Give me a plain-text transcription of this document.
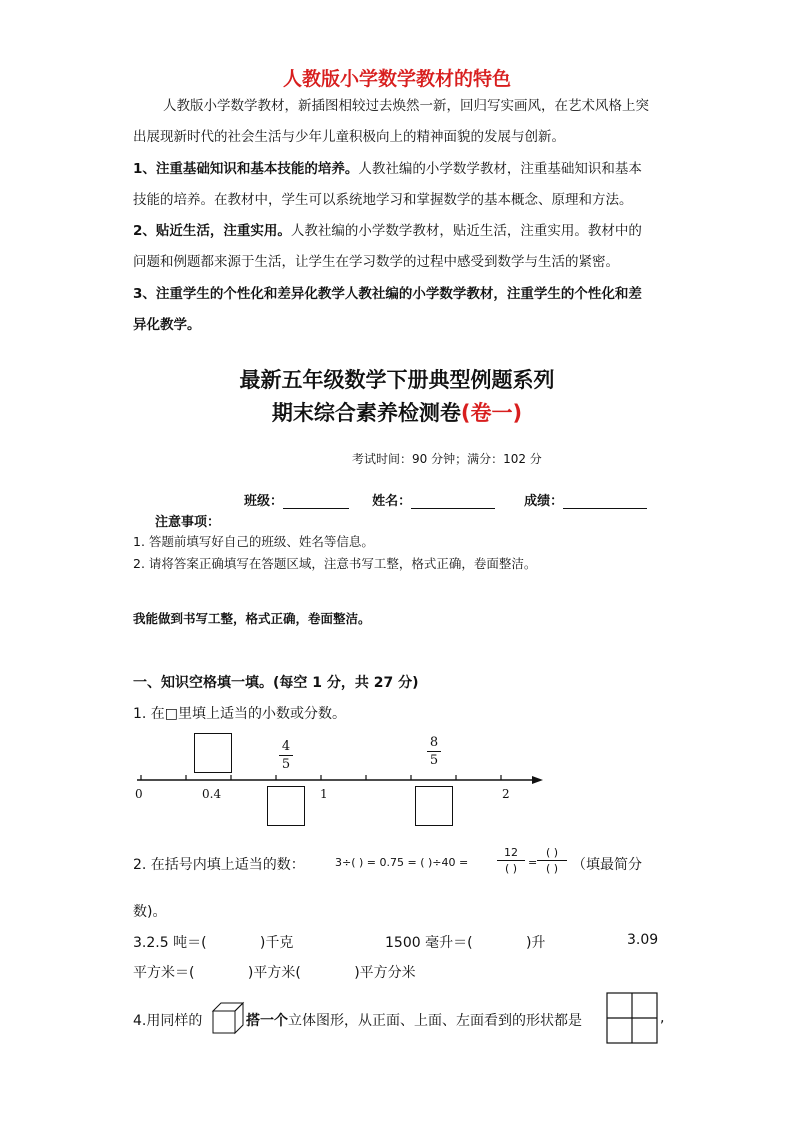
人教版小学数学教材的特色
人教版小学数学教材，新插图相较过去焕然一新，回归写实画风，在艺术风格上突
出展现新时代的社会生活与少年儿童积极向上的精神面貌的发展与创新。
1、注重基础知识和基本技能的培养。人教社编的小学数学教材，注重基础知识和基本
技能的培养。在教材中，学生可以系统地学习和掌握数学的基本概念、原理和方法。
2、贴近生活，注重实用。人教社编的小学数学教材，贴近生活，注重实用。教材中的
问题和例题都来源于生活，让学生在学习数学的过程中感受到数学与生活的紧密。
3、注重学生的个性化和差异化教学人教社编的小学数学教材，注重学生的个性化和差
异化教学。
最新五年级数学下册典型例题系列
期末综合素养检测卷(卷一)
考试时间：90 分钟；满分：102 分
班级：	姓名：	成绩：
注意事项：
1. 答题前填写好自己的班级、姓名等信息。
2. 请将答案正确填写在答题区域，注意书写工整，格式正确，卷面整洁。
我能做到书写工整，格式正确，卷面整洁。
一、知识空格填一填。(每空 1 分，共 27 分)
1. 在□里填上适当的小数或分数。
0	0.4	1	2
4
5
8
5
2. 在括号内填上适当的数：	3÷( ) = 0.75 = ( )÷40 =
12
( ) =
( )
( ) （填最简分
数)。
3.2.5 吨＝(            )千克	1500 毫升＝(            )升	3.09
平方米＝(            )平方米(            )平方分米
4.用同样的	搭一个立体图形，从正面、上面、左面看到的形状都是	,
